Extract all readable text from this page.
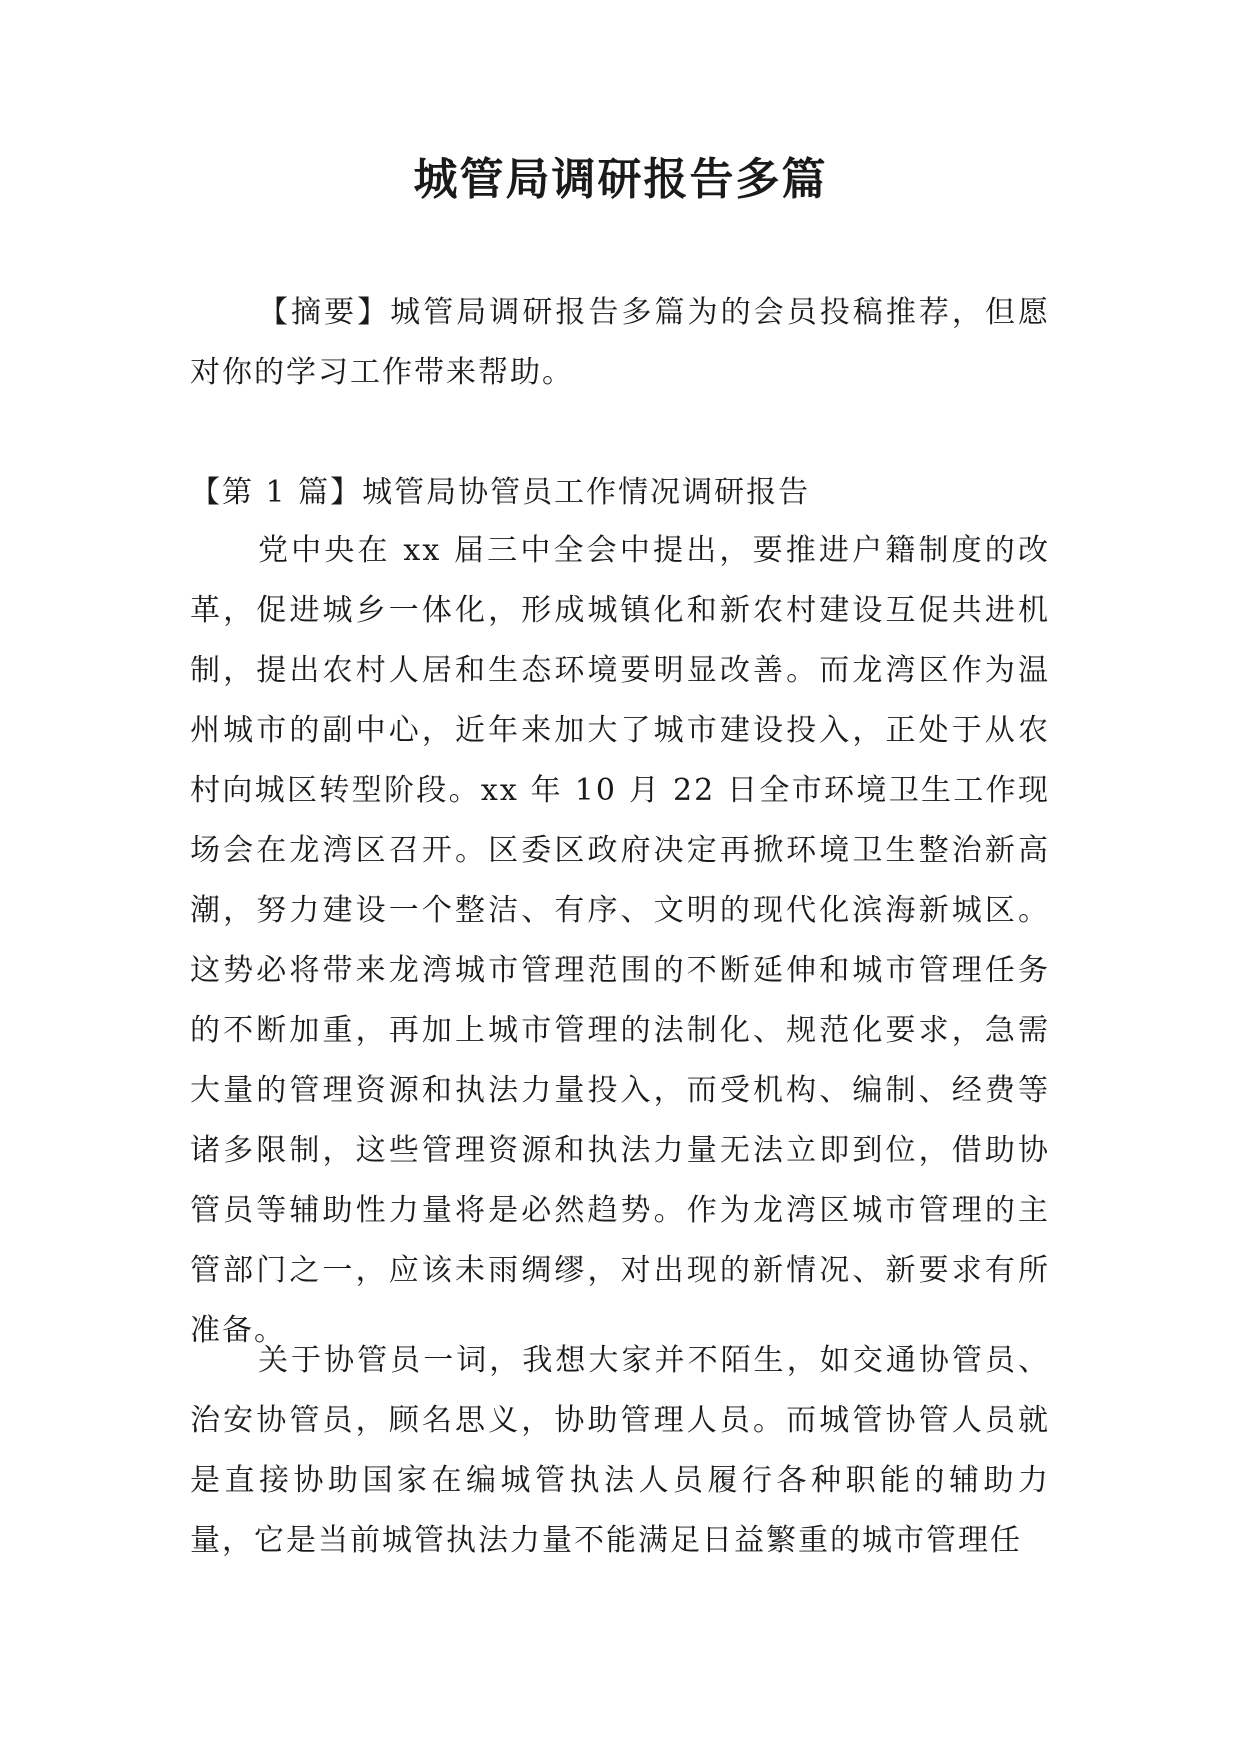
城管局调研报告多篇

【摘要】城管局调研报告多篇为的会员投稿推荐，但愿对你的学习工作带来帮助。

【第 1 篇】城管局协管员工作情况调研报告

党中央在 xx 届三中全会中提出，要推进户籍制度的改革，促进城乡一体化，形成城镇化和新农村建设互促共进机制，提出农村人居和生态环境要明显改善。而龙湾区作为温州城市的副中心，近年来加大了城市建设投入，正处于从农村向城区转型阶段。xx 年 10 月 22 日全市环境卫生工作现场会在龙湾区召开。区委区政府决定再掀环境卫生整治新高潮，努力建设一个整洁、有序、文明的现代化滨海新城区。这势必将带来龙湾城市管理范围的不断延伸和城市管理任务的不断加重，再加上城市管理的法制化、规范化要求，急需大量的管理资源和执法力量投入，而受机构、编制、经费等诸多限制，这些管理资源和执法力量无法立即到位，借助协管员等辅助性力量将是必然趋势。作为龙湾区城市管理的主管部门之一，应该未雨绸缪，对出现的新情况、新要求有所准备。

关于协管员一词，我想大家并不陌生，如交通协管员、治安协管员，顾名思义，协助管理人员。而城管协管人员就是直接协助国家在编城管执法人员履行各种职能的辅助力量，它是当前城管执法力量不能满足日益繁重的城市管理任
